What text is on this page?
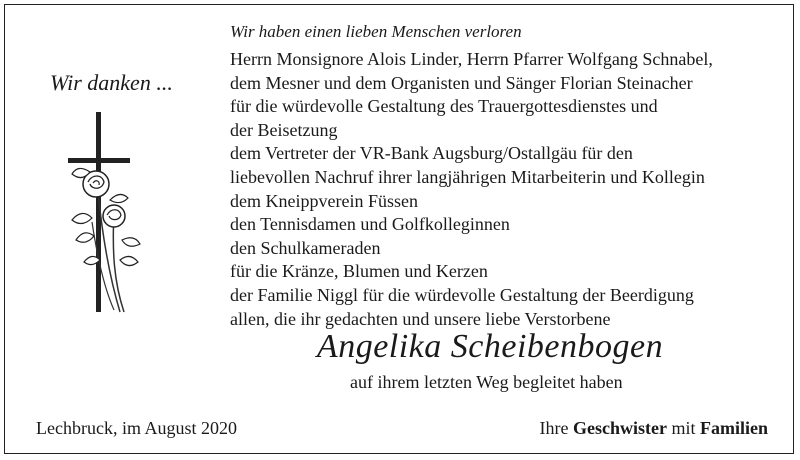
Wir haben einen lieben Menschen verloren
Wir danken ...
Herrn Monsignore Alois Linder, Herrn Pfarrer Wolfgang Schnabel,
dem Mesner und dem Organisten und Sänger Florian Steinacher
für die würdevolle Gestaltung des Trauergottesdienstes und
der Beisetzung
dem Vertreter der VR-Bank Augsburg/Ostallgäu für den
liebevollen Nachruf ihrer langjährigen Mitarbeiterin und Kollegin
dem Kneippverein Füssen
den Tennisdamen und Golfkolleginnen
den Schulkameraden
für die Kränze, Blumen und Kerzen
der Familie Niggl für die würdevolle Gestaltung der Beerdigung
allen, die ihr gedachten und unsere liebe Verstorbene
Angelika Scheibenbogen
auf ihrem letzten Weg begleitet haben
Lechbruck, im August 2020	Ihre Geschwister mit Familien
